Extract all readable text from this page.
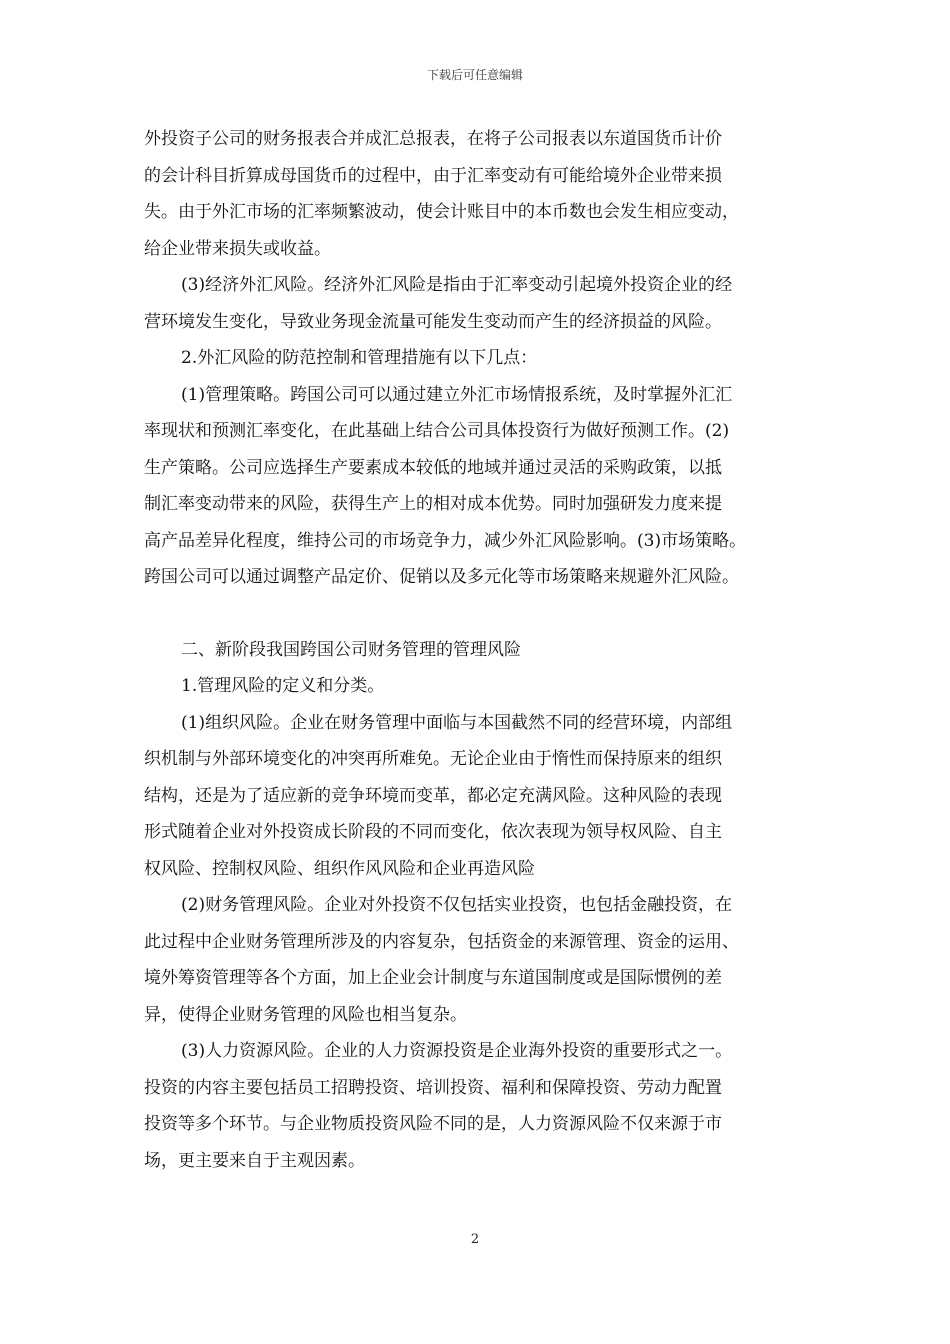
下载后可任意编辑
外投资子公司的财务报表合并成汇总报表，在将子公司报表以东道国货币计价
的会计科目折算成母国货币的过程中，由于汇率变动有可能给境外企业带来损
失。由于外汇市场的汇率频繁波动，使会计账目中的本币数也会发生相应变动，
给企业带来损失或收益。
(3)经济外汇风险。经济外汇风险是指由于汇率变动引起境外投资企业的经
营环境发生变化，导致业务现金流量可能发生变动而产生的经济损益的风险。
2.外汇风险的防范控制和管理措施有以下几点：
(1)管理策略。跨国公司可以通过建立外汇市场情报系统，及时掌握外汇汇
率现状和预测汇率变化，在此基础上结合公司具体投资行为做好预测工作。(2)
生产策略。公司应选择生产要素成本较低的地域并通过灵活的采购政策，以抵
制汇率变动带来的风险，获得生产上的相对成本优势。同时加强研发力度来提
高产品差异化程度，维持公司的市场竞争力，减少外汇风险影响。(3)市场策略。
跨国公司可以通过调整产品定价、促销以及多元化等市场策略来规避外汇风险。
二、新阶段我国跨国公司财务管理的管理风险
1.管理风险的定义和分类。
(1)组织风险。企业在财务管理中面临与本国截然不同的经营环境，内部组
织机制与外部环境变化的冲突再所难免。无论企业由于惰性而保持原来的组织
结构，还是为了适应新的竞争环境而变革，都必定充满风险。这种风险的表现
形式随着企业对外投资成长阶段的不同而变化，依次表现为领导权风险、自主
权风险、控制权风险、组织作风风险和企业再造风险
(2)财务管理风险。企业对外投资不仅包括实业投资，也包括金融投资，在
此过程中企业财务管理所涉及的内容复杂，包括资金的来源管理、资金的运用、
境外筹资管理等各个方面，加上企业会计制度与东道国制度或是国际惯例的差
异，使得企业财务管理的风险也相当复杂。
(3)人力资源风险。企业的人力资源投资是企业海外投资的重要形式之一。
投资的内容主要包括员工招聘投资、培训投资、福利和保障投资、劳动力配置
投资等多个环节。与企业物质投资风险不同的是，人力资源风险不仅来源于市
场，更主要来自于主观因素。
2
